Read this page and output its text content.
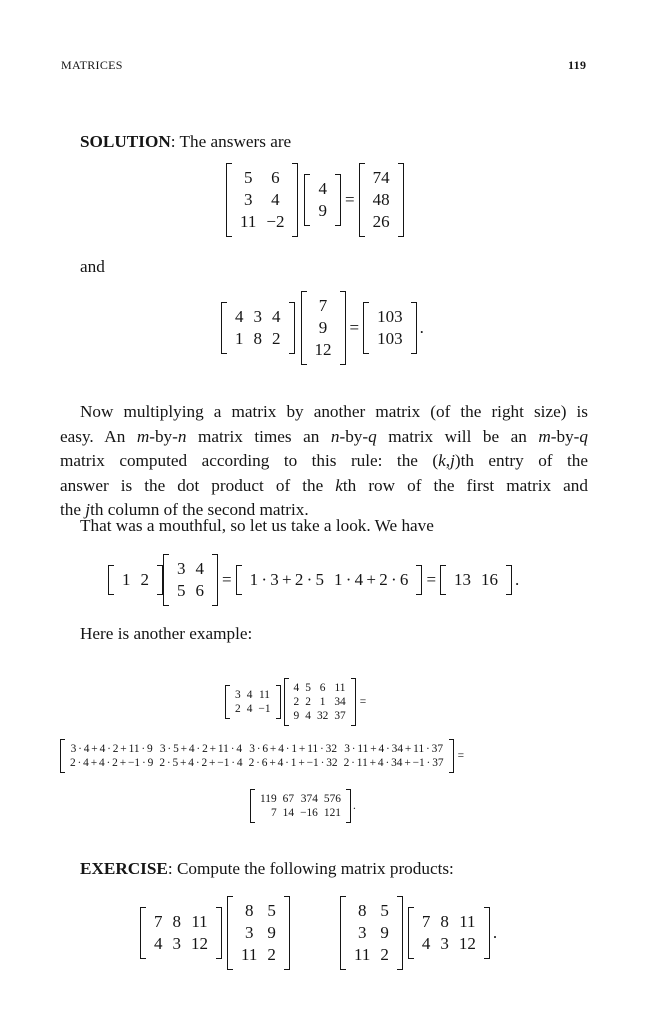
MATRICES	119
SOLUTION: The answers are
5	6
3	4
11	−2
4
9
=
74
48
26
and
4	3	4
1	8	2
7
9
12
=
103
103
.
Now multiplying a matrix by another matrix (of the right size) is
easy. An m-by-n matrix times an n-by-q matrix will be an m-by-q
matrix computed according to this rule: the (k,j)th entry of the
answer is the dot product of the kth row of the first matrix and
the jth column of the second matrix.
That was a mouthful, so let us take a look. We have
1	2
3	4
5	6
= 1 · 3 + 2 · 5	1 · 4 + 2 · 6 = 13	16 .
Here is another example:
3	4	11
2	4	−1
4	5	6	11
2	2	1	34
9	4	32	37
=
3 · 4 + 4 · 2 + 11 · 9	3 · 5 + 4 · 2 + 11 · 4	3 · 6 + 4 · 1 + 11 · 32	3 · 11 + 4 · 34 + 11 · 37
2 · 4 + 4 · 2 + −1 · 9	2 · 5 + 4 · 2 + −1 · 4	2 · 6 + 4 · 1 + −1 · 32	2 · 11 + 4 · 34 + −1 · 37
=
119	67	374	576
7	14	−16	121
.
EXERCISE: Compute the following matrix products:
7	8	11
4	3	12
8	5
3	9
11	2
8	5
3	9
11	2
7	8	11
4	3	12
.
